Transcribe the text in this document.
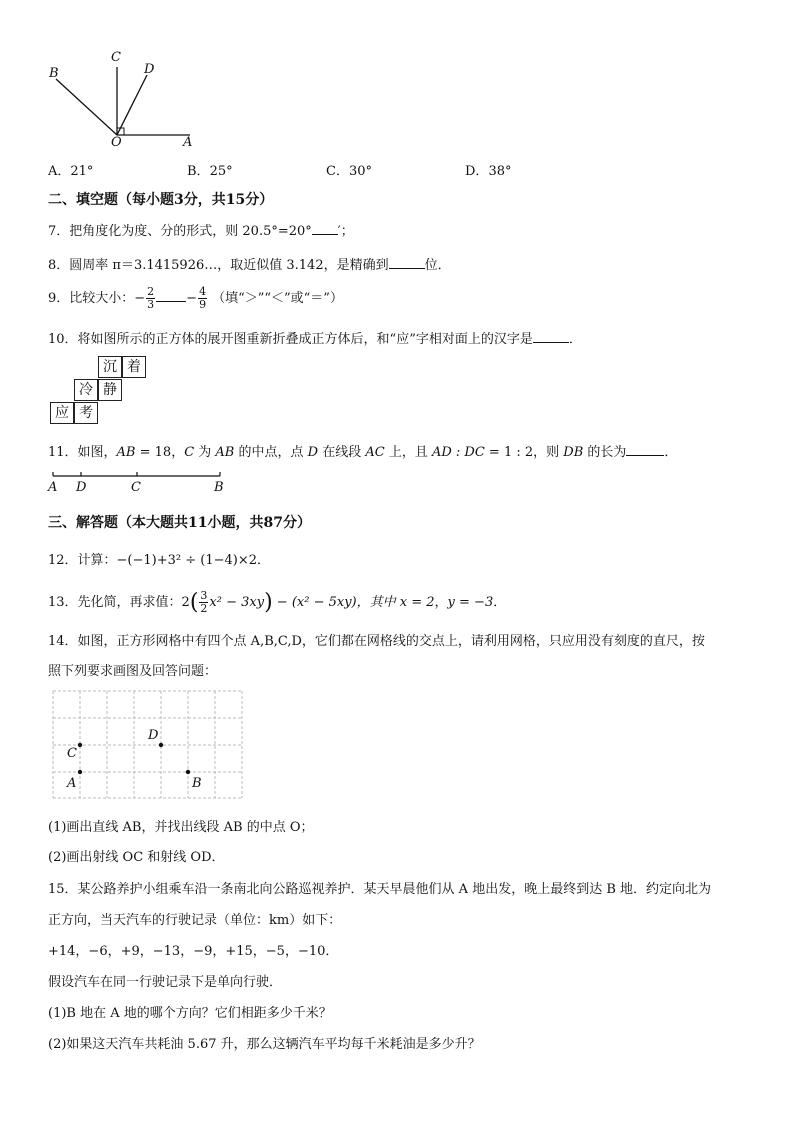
B
C
D
O	A
A．21°	B．25°	C．30°	D．38°
二、填空题（每小题3分，共15分）
7．把角度化为度、分的形式，则 20.5°=20° ′；
8．圆周率 π＝3.1415926…，取近似值 3.142，是精确到	位．
9．比较大小：− $\frac{2}{3} - \frac{4}{9}$ （填“＞”“＜”或“＝”）
10．将如图所示的正方体的展开图重新折叠成正方体后，和“应”字相对面上的汉字是	．
沉 着
冷 静
应 考
11．如图，AB = 18，C 为 AB 的中点，点 D 在线段 AC 上，且 AD : DC = 1 : 2，则 DB 的长为	．
A D	C	B
三、解答题（本大题共11小题，共87分）
12．计算：−(−1)+3² ÷ (1−4)×2．
13．先化简，再求值：$2( \frac{3}{2} x^2 - 3xy) - (x^2 - 5xy)$，其中 x = 2，y = −3．
14．如图，正方形网格中有四个点 A,B,C,D，它们都在网格线的交点上，请利用网格，只应用没有刻度的直尺，按
照下列要求画图及回答问题：
C
A
D
B
(1)画出直线 AB，并找出线段 AB 的中点 O；
(2)画出射线 OC 和射线 OD．
15．某公路养护小组乘车沿一条南北向公路巡视养护．某天早晨他们从 A 地出发，晚上最终到达 B 地．约定向北为
正方向，当天汽车的行驶记录（单位：km）如下：
+14，−6，+9，−13，−9，+15，−5，−10．
假设汽车在同一行驶记录下是单向行驶．
(1)B 地在 A 地的哪个方向？它们相距多少千米？
(2)如果这天汽车共耗油 5.67 升，那么这辆汽车平均每千米耗油是多少升？
